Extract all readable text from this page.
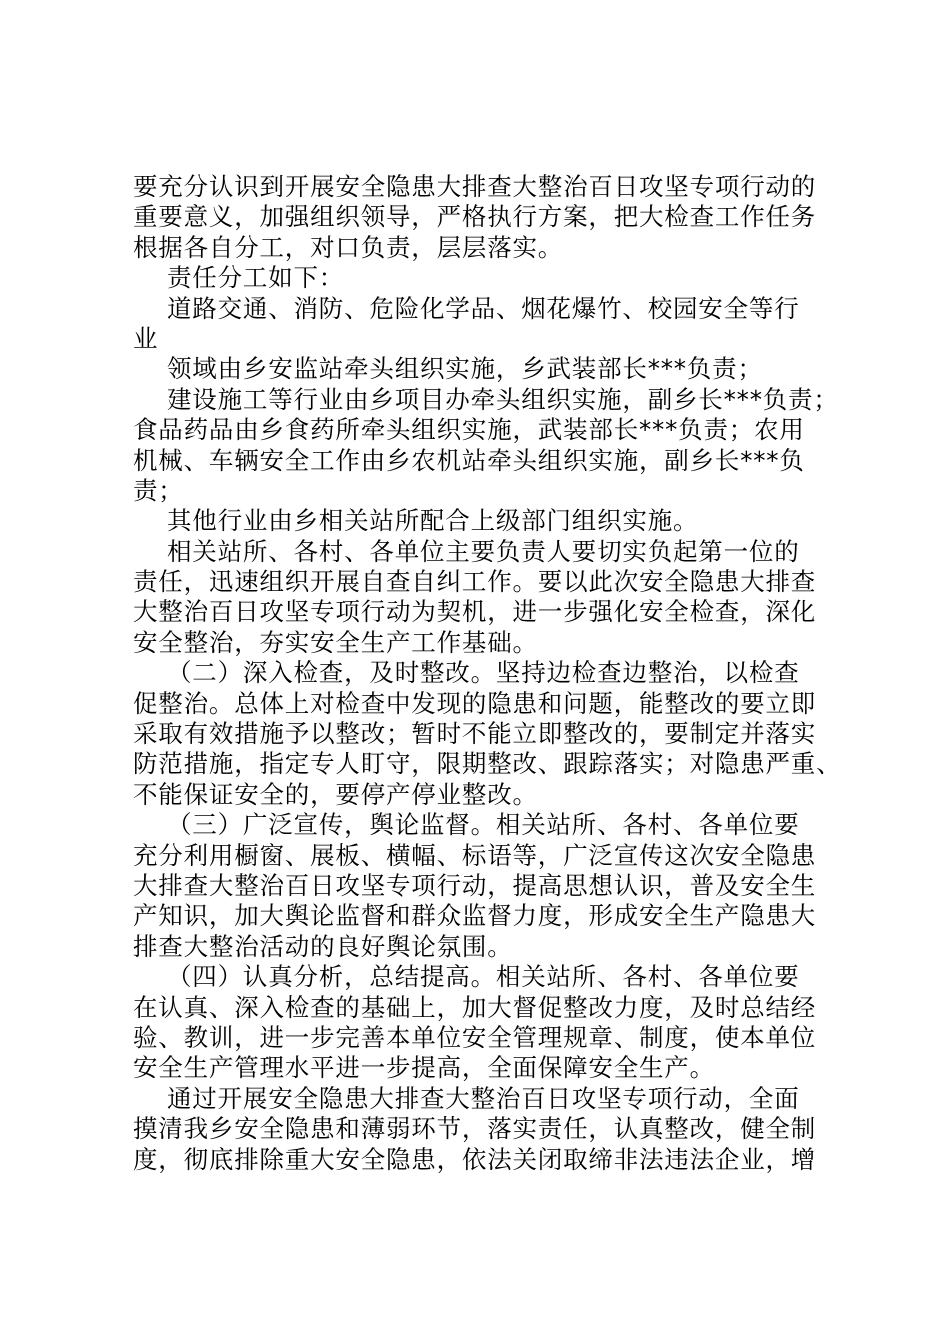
要充分认识到开展安全隐患大排查大整治百日攻坚专项行动的
重要意义，加强组织领导，严格执行方案，把大检查工作任务
根据各自分工，对口负责，层层落实。
责任分工如下：
道路交通、消防、危险化学品、烟花爆竹、校园安全等行
业
领域由乡安监站牵头组织实施，乡武装部长***负责；
建设施工等行业由乡项目办牵头组织实施，副乡长***负责；
食品药品由乡食药所牵头组织实施，武装部长***负责；农用
机械、车辆安全工作由乡农机站牵头组织实施，副乡长***负
责；
其他行业由乡相关站所配合上级部门组织实施。
相关站所、各村、各单位主要负责人要切实负起第一位的
责任，迅速组织开展自查自纠工作。要以此次安全隐患大排查
大整治百日攻坚专项行动为契机，进一步强化安全检查，深化
安全整治，夯实安全生产工作基础。
（二）深入检查，及时整改。坚持边检查边整治，以检查
促整治。总体上对检查中发现的隐患和问题，能整改的要立即
采取有效措施予以整改；暂时不能立即整改的，要制定并落实
防范措施，指定专人盯守，限期整改、跟踪落实；对隐患严重、
不能保证安全的，要停产停业整改。
（三）广泛宣传，舆论监督。相关站所、各村、各单位要
充分利用橱窗、展板、横幅、标语等，广泛宣传这次安全隐患
大排查大整治百日攻坚专项行动，提高思想认识，普及安全生
产知识，加大舆论监督和群众监督力度，形成安全生产隐患大
排查大整治活动的良好舆论氛围。
（四）认真分析，总结提高。相关站所、各村、各单位要
在认真、深入检查的基础上，加大督促整改力度，及时总结经
验、教训，进一步完善本单位安全管理规章、制度，使本单位
安全生产管理水平进一步提高，全面保障安全生产。
通过开展安全隐患大排查大整治百日攻坚专项行动，全面
摸清我乡安全隐患和薄弱环节，落实责任，认真整改，健全制
度，彻底排除重大安全隐患，依法关闭取缔非法违法企业，增
